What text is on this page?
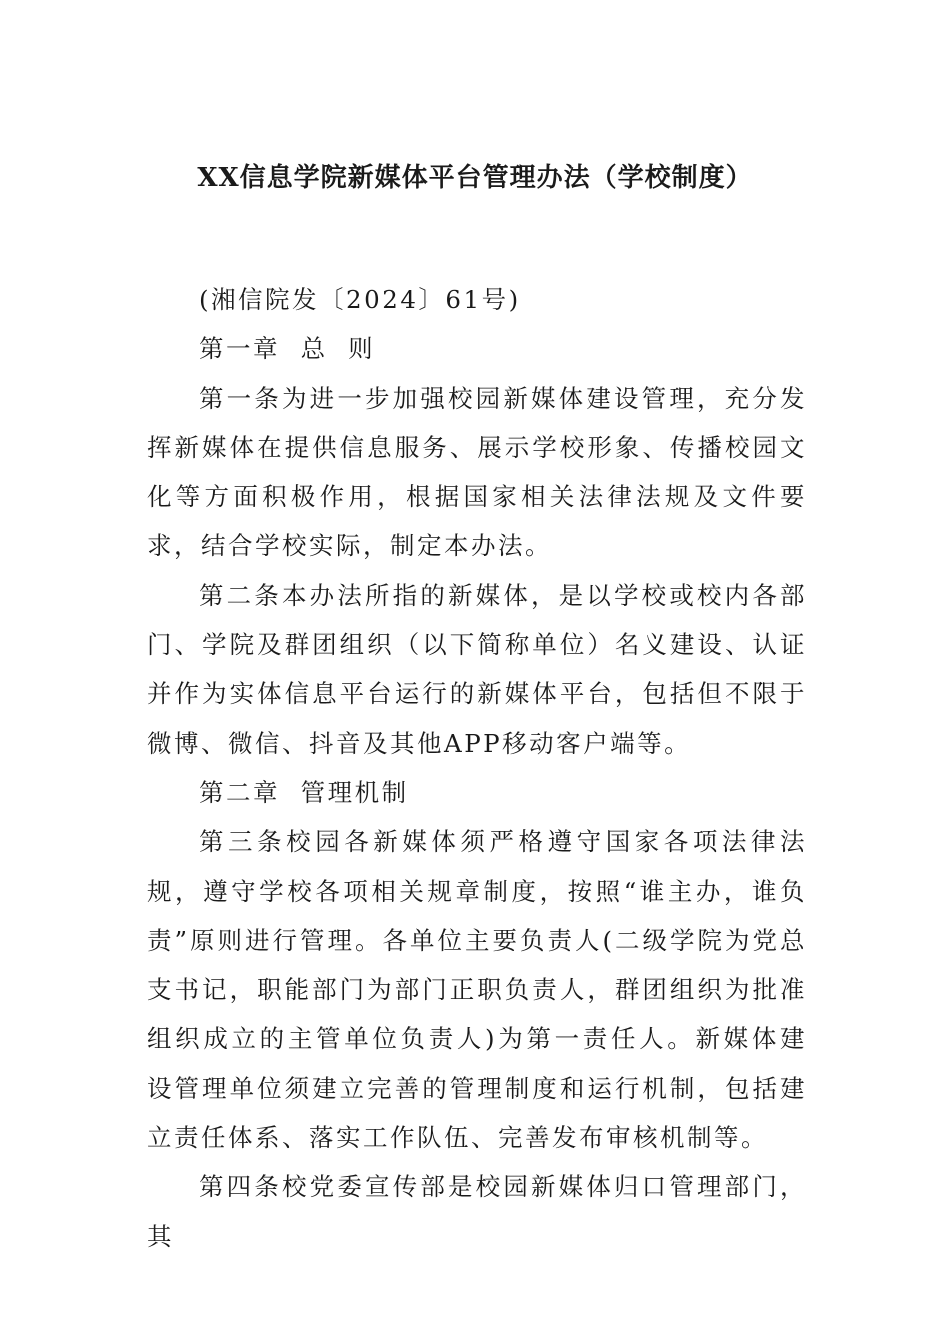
XX信息学院新媒体平台管理办法（学校制度）

(湘信院发〔2024〕61号)

第一章  总  则

第一条为进一步加强校园新媒体建设管理，充分发挥新媒体在提供信息服务、展示学校形象、传播校园文化等方面积极作用，根据国家相关法律法规及文件要求，结合学校实际，制定本办法。

第二条本办法所指的新媒体，是以学校或校内各部门、学院及群团组织（以下简称单位）名义建设、认证并作为实体信息平台运行的新媒体平台，包括但不限于微博、微信、抖音及其他APP移动客户端等。

第二章  管理机制

第三条校园各新媒体须严格遵守国家各项法律法规，遵守学校各项相关规章制度，按照“谁主办，谁负责”原则进行管理。各单位主要负责人(二级学院为党总支书记，职能部门为部门正职负责人，群团组织为批准组织成立的主管单位负责人)为第一责任人。新媒体建设管理单位须建立完善的管理制度和运行机制，包括建立责任体系、落实工作队伍、完善发布审核机制等。

第四条校党委宣传部是校园新媒体归口管理部门，其
